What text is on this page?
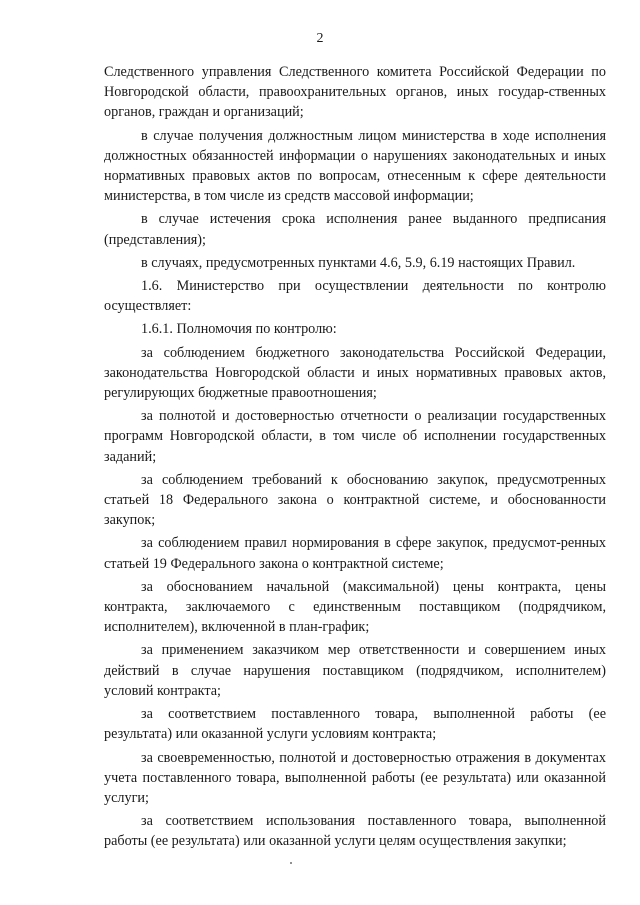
2

Следственного управления Следственного комитета Российской Федерации по Новгородской области, правоохранительных органов, иных государ-ственных органов, граждан и организаций;

в случае получения должностным лицом министерства в ходе исполнения должностных обязанностей информации о нарушениях законодательных и иных нормативных правовых актов по вопросам, отнесенным к сфере деятельности министерства, в том числе из средств массовой информации;

в случае истечения срока исполнения ранее выданного предписания (представления);

в случаях, предусмотренных пунктами 4.6, 5.9, 6.19 настоящих Правил.

1.6. Министерство при осуществлении деятельности по контролю осуществляет:

1.6.1. Полномочия по контролю:

за соблюдением бюджетного законодательства Российской Федерации, законодательства Новгородской области и иных нормативных правовых актов, регулирующих бюджетные правоотношения;

за полнотой и достоверностью отчетности о реализации государственных программ Новгородской области, в том числе об исполнении государственных заданий;

за соблюдением требований к обоснованию закупок, предусмотренных статьей 18 Федерального закона о контрактной системе, и обоснованности закупок;

за соблюдением правил нормирования в сфере закупок, предусмот-ренных статьей 19 Федерального закона о контрактной системе;

за обоснованием начальной (максимальной) цены контракта, цены контракта, заключаемого с единственным поставщиком (подрядчиком, исполнителем), включенной в план-график;

за применением заказчиком мер ответственности и совершением иных действий в случае нарушения поставщиком (подрядчиком, исполнителем) условий контракта;

за соответствием поставленного товара, выполненной работы (ее результата) или оказанной услуги условиям контракта;

за своевременностью, полнотой и достоверностью отражения в документах учета поставленного товара, выполненной работы (ее результата) или оказанной услуги;

за соответствием использования поставленного товара, выполненной работы (ее результата) или оказанной услуги целям осуществления закупки;
